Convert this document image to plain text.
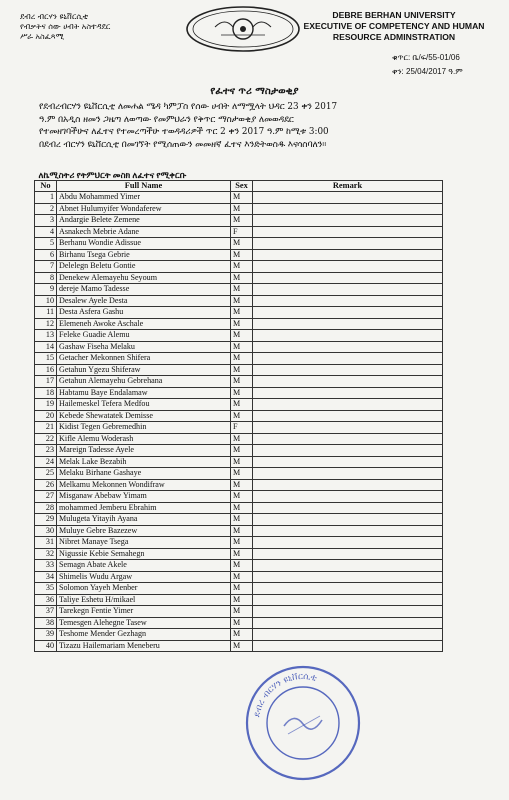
ደብረ ብርሃን ዩኒቨርሲቲ
የብቃትና ሰው ሀብት አስተዳደር
ሥራ አስፈጻሚ
DEBRE BERHAN UNIVERSITY
EXECUTIVE OF COMPETENCY AND HUMAN
RESOURCE ADMINSTRATION
ቁጥር: ቤ/ፍ/55-01/06
ቀን: 25/04/2017 ዓ.ም
የፈተና ጥሪ ማስታወቂያ
የደብረብርሃን ዩኒቨርሲቲ ለመሐል ሜዳ ካምፓስ የሰው ሀብት ለማሟላት ህዳር 23 ቀን 2017
ዓ.ም በአዲስ ዘመን ጋዜጣ ለወጣው የመምህራን የቅጥር ማስታወቂያ ለመወዳደር
የተመዘገባችሁና ለፈተና የተመረጣችሁ ተወዳዳሪዎች ጥር 2 ቀን 2017 ዓ.ም ከሚቱ 3:00
በደብረ ብርሃን ዩኒቨርሲቲ በመገኘት የሚሰጠውን መመዘኛ ፈተና እንድትወስዱ እናሳስባለን።
ለኬሚስትሪ የትምህርት መስክ ለፈተና የሚቀርቡ			
No	Full Name	Sex	Remark
1	Abdu Mohammed Yimer	M	
2	Abnet Hulumyifer Wondaferew	M	
3	Andargie Belete Zemene	M	
4	Asnakech Mebrie Adane	F	
5	Berhanu Wondie Adissue	M	
6	Birhanu Tsega Gebrie	M	
7	Delelegn Beletu Gontie	M	
8	Denekew Alemayehu Seyoum	M	
9	dereje Mamo Tadesse	M	
10	Desalew Ayele Desta	M	
11	Desta Asfera Gashu	M	
12	Elemeneh Awoke Aschale	M	
13	Feleke Guadie Alemu	M	
14	Gashaw Fiseha Melaku	M	
15	Getacher Mekonnen Shifera	M	
16	Getahun Ygezu Shiferaw	M	
17	Getahun Alemayehu Gebrehana	M	
18	Habtamu Baye Endalamaw	M	
19	Hailemeskel Tefera Medfou	M	
20	Kebede Shewatatek Demisse	M	
21	Kidist Tegen Gebremedhin	F	
22	Kifle Alemu Woderash	M	
23	Mareign Tadesse Ayele	M	
24	Melak Lake Bezabih	M	
25	Melaku Birhane Gashaye	M	
26	Melkamu Mekonnen Wondifraw	M	
27	Misganaw Abebaw Yimam	M	
28	mohammed Jemberu Ebrahim	M	
29	Mulugeta Yitayih Ayana	M	
30	Muluye Gebre Bazezew	M	
31	Nibret Manaye Tsega	M	
32	Nigussie Kebie Semahegn	M	
33	Semagn Abate Akele	M	
34	Shimelis Wudu Argaw	M	
35	Solomon Yayeh Menber	M	
36	Taliye Eshetu H/mikael	M	
37	Tarekegn Fentie Yimer	M	
38	Temesgen Alehegne Tasew	M	
39	Teshome Mender Gezhagn	M	
40	Tizazu Hailemariam Meneberu	M	
ደብረ ብርሃን ዩኒቨርሲቲ
